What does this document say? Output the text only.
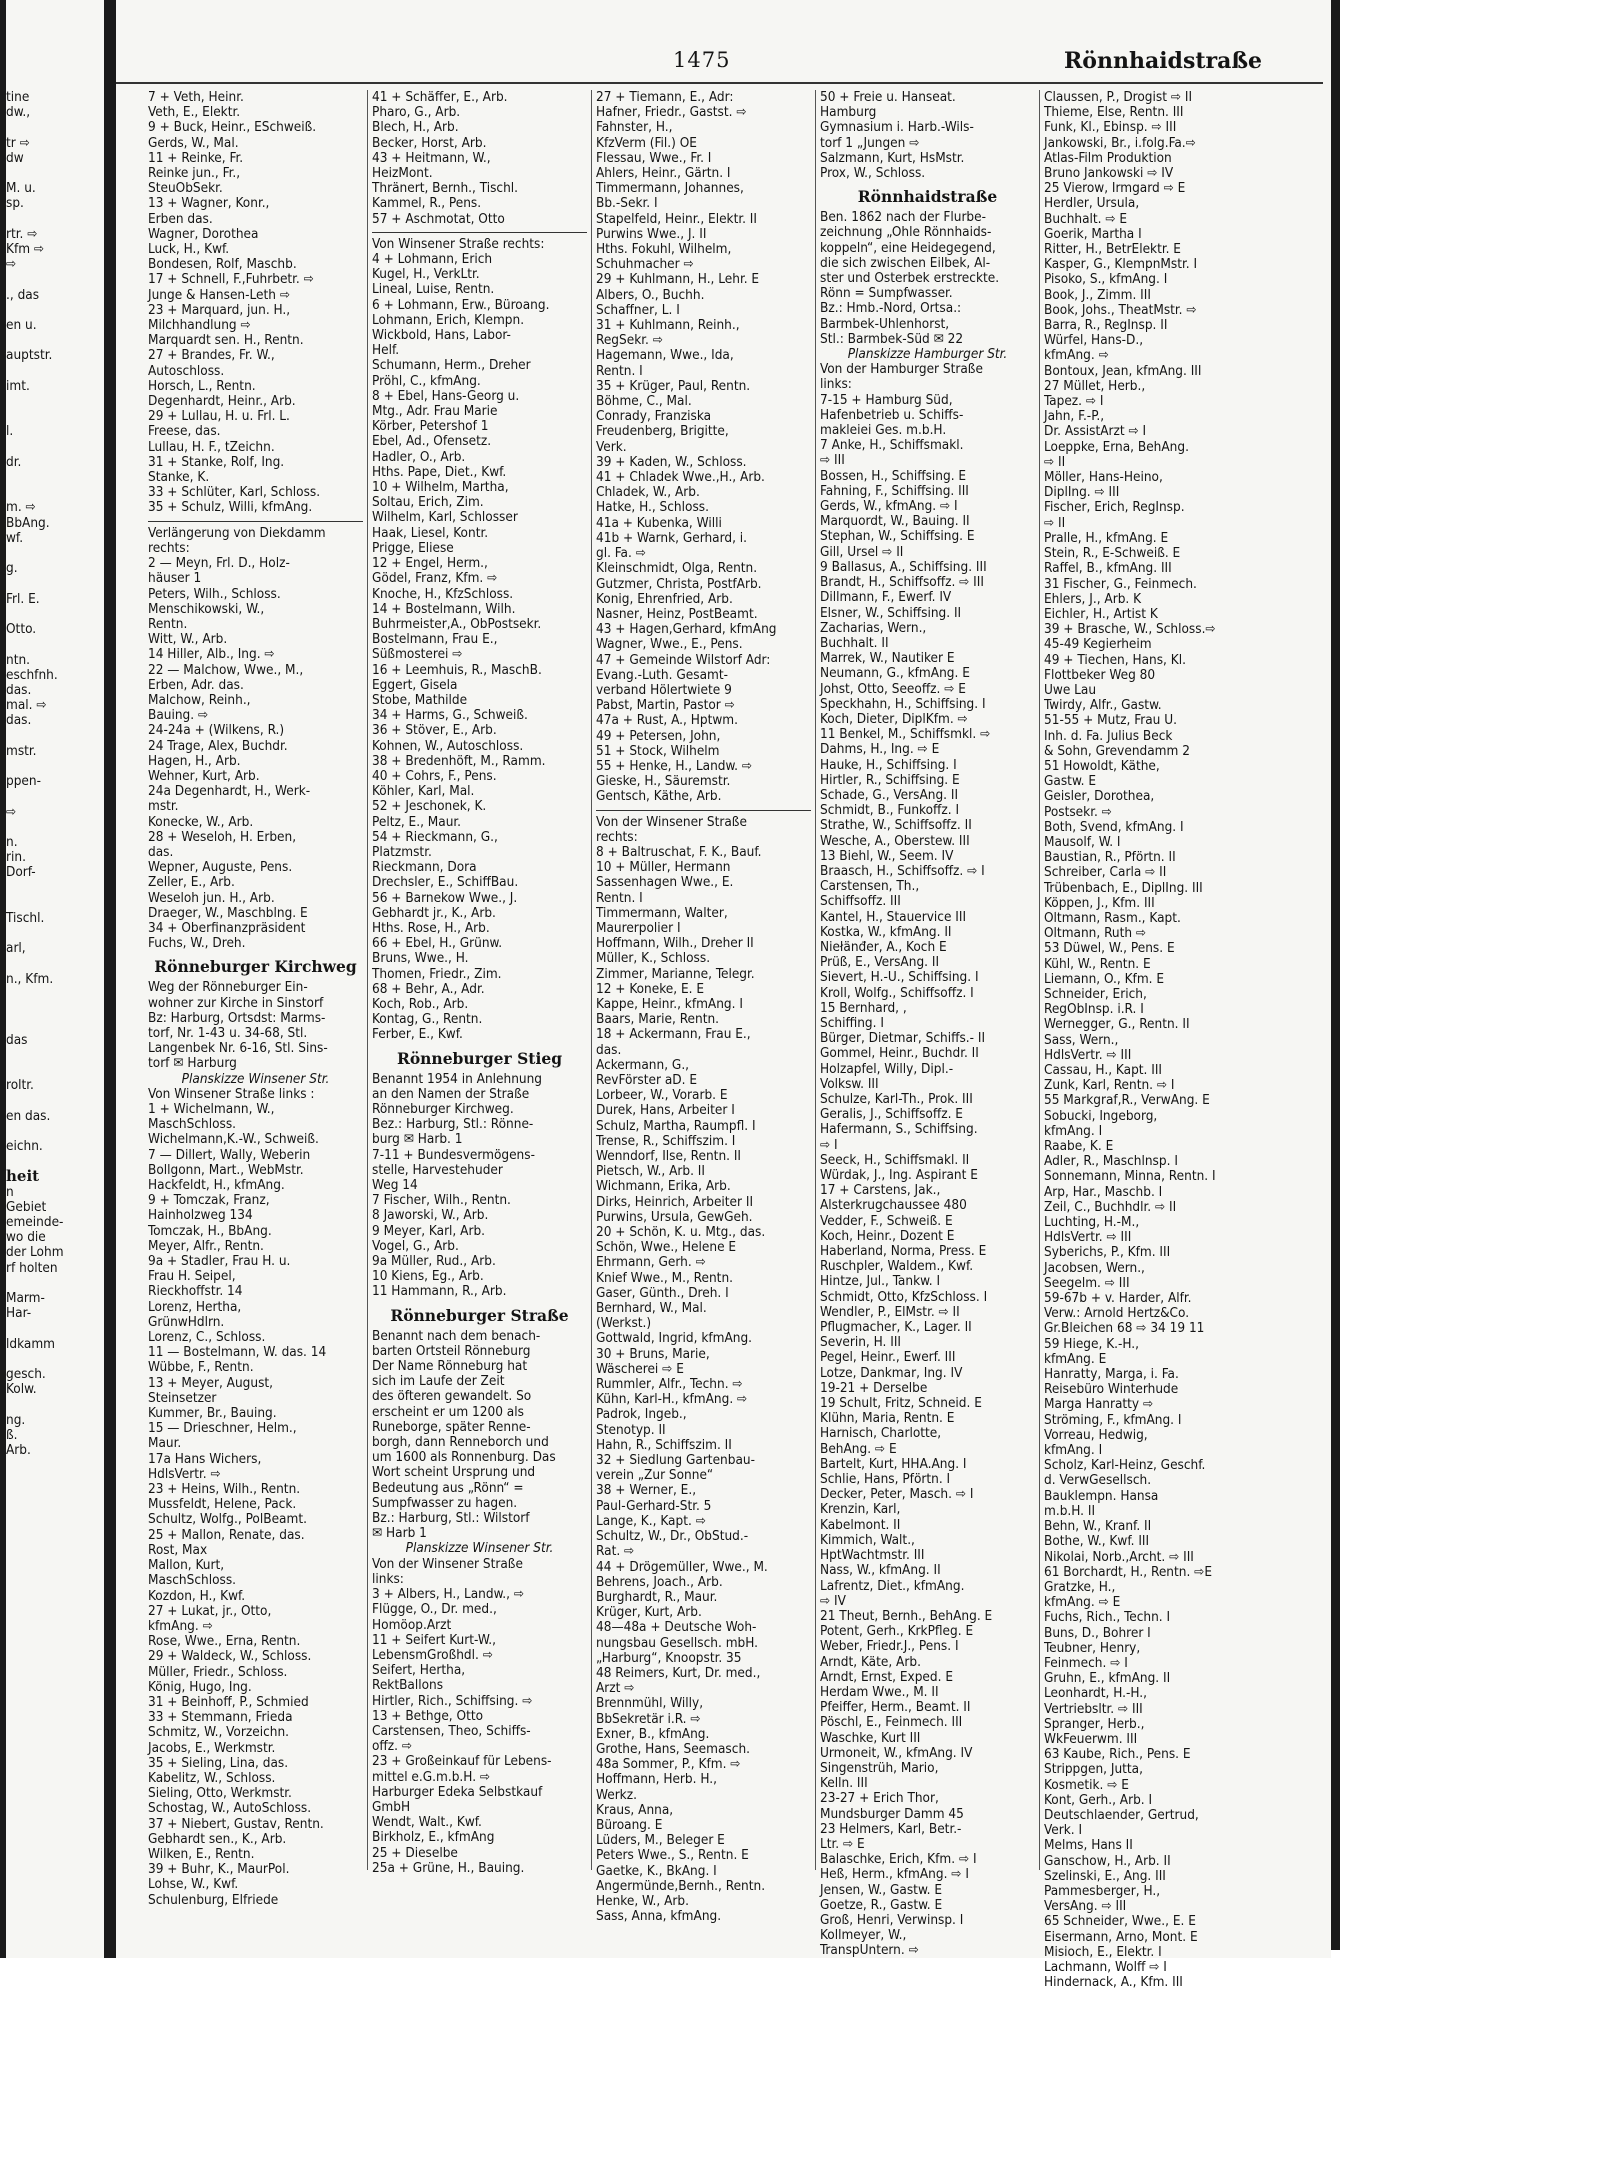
tine
dw.,

tr ⇨
dw

M. u.
sp.

rtr. ⇨
Kfm ⇨
⇨

., das

en u.

auptstr.

imt.

l.

dr.

m. ⇨
BbAng.
wf.

g.

Frl. E.

Otto.

ntn.
eschfnh.
das.
mal. ⇨
das.

mstr.

ppen-

⇨

n.
rin.
Dorf-

Tischl.

arl,

n., Kfm.

das

roltr.

en das.

eichn.

heit
n
Gebiet
emeinde-
wo die
der Lohm
rf holten

Marm-
Har-

ldkamm

gesch.
Kolw.

ng.
ß.
Arb.
1475	Rönnhaidstraße
7 + Veth, Heinr.
Veth, E., Elektr.
9 + Buck, Heinr., ESchweiß.
Gerds, W., Mal.
11 + Reinke, Fr.
Reinke jun., Fr.,
SteuObSekr.
13 + Wagner, Konr.,
Erben das.
Wagner, Dorothea
Luck, H., Kwf.
Bondesen, Rolf, Maschb.
17 + Schnell, F.,Fuhrbetr. ⇨
Junge & Hansen-Leth ⇨
23 + Marquard, jun. H.,
Milchhandlung ⇨
Marquardt sen. H., Rentn.
27 + Brandes, Fr. W.,
Autoschloss.
Horsch, L., Rentn.
Degenhardt, Heinr., Arb.
29 + Lullau, H. u. Frl. L.
Freese, das.
Lullau, H. F., tZeichn.
31 + Stanke, Rolf, Ing.
Stanke, K.
33 + Schlüter, Karl, Schloss.
35 + Schulz, Willi, kfmAng.
Verlängerung von Diekdamm
rechts:
2 — Meyn, Frl. D., Holz-
häuser 1
Peters, Wilh., Schloss.
Menschikowski, W.,
Rentn.
Witt, W., Arb.
14 Hiller, Alb., Ing. ⇨
22 — Malchow, Wwe., M.,
Erben, Adr. das.
Malchow, Reinh.,
Bauing. ⇨
24-24a + (Wilkens, R.)
24 Trage, Alex, Buchdr.
Hagen, H., Arb.
Wehner, Kurt, Arb.
24a Degenhardt, H., Werk-
mstr.
Konecke, W., Arb.
28 + Weseloh, H. Erben,
das.
Wepner, Auguste, Pens.
Zeller, E., Arb.
Weseloh jun. H., Arb.
Draeger, W., Maschblng. E
34 + Oberfinanzpräsident
Fuchs, W., Dreh.
Rönneburger Kirchweg
Weg der Rönneburger Ein-
wohner zur Kirche in Sinstorf
Bz: Harburg, Ortsdst: Marms-
torf, Nr. 1-43 u. 34-68, Stl.
Langenbek Nr. 6-16, Stl. Sins-
torf ✉ Harburg
Planskizze Winsener Str.
Von Winsener Straße links :
1 + Wichelmann, W.,
MaschSchloss.
Wichelmann,K.-W., Schweiß.
7 — Dillert, Wally, Weberin
Bollgonn, Mart., WebMstr.
Hackfeldt, H., kfmAng.
9 + Tomczak, Franz,
Hainholzweg 134
Tomczak, H., BbAng.
Meyer, Alfr., Rentn.
9a + Stadler, Frau H. u.
Frau H. Seipel,
Rieckhoffstr. 14
Lorenz, Hertha,
GrünwHdlrn.
Lorenz, C., Schloss.
11 — Bostelmann, W. das. 14
Wübbe, F., Rentn.
13 + Meyer, August,
Steinsetzer
Kummer, Br., Bauing.
15 — Drieschner, Helm.,
Maur.
17a Hans Wichers,
HdlsVertr. ⇨
23 + Heins, Wilh., Rentn.
Mussfeldt, Helene, Pack.
Schultz, Wolfg., PolBeamt.
25 + Mallon, Renate, das.
Rost, Max
Mallon, Kurt,
MaschSchloss.
Kozdon, H., Kwf.
27 + Lukat, jr., Otto,
kfmAng. ⇨
Rose, Wwe., Erna, Rentn.
29 + Waldeck, W., Schloss.
Müller, Friedr., Schloss.
König, Hugo, Ing.
31 + Beinhoff, P., Schmied
33 + Stemmann, Frieda
Schmitz, W., Vorzeichn.
Jacobs, E., Werkmstr.
35 + Sieling, Lina, das.
Kabelitz, W., Schloss.
Sieling, Otto, Werkmstr.
Schostag, W., AutoSchloss.
37 + Niebert, Gustav, Rentn.
Gebhardt sen., K., Arb.
Wilken, E., Rentn.
39 + Buhr, K., MaurPol.
Lohse, W., Kwf.
Schulenburg, Elfriede
41 + Schäffer, E., Arb.
Pharo, G., Arb.
Blech, H., Arb.
Becker, Horst, Arb.
43 + Heitmann, W.,
HeizMont.
Thränert, Bernh., Tischl.
Kammel, R., Pens.
57 + Aschmotat, Otto
Von Winsener Straße rechts:
4 + Lohmann, Erich
Kugel, H., VerkLtr.
Lineal, Luise, Rentn.
6 + Lohmann, Erw., Büroang.
Lohmann, Erich, Klempn.
Wickbold, Hans, Labor-
Helf.
Schumann, Herm., Dreher
Pröhl, C., kfmAng.
8 + Ebel, Hans-Georg u.
Mtg., Adr. Frau Marie
Körber, Petershof 1
Ebel, Ad., Ofensetz.
Hadler, O., Arb.
Hths. Pape, Diet., Kwf.
10 + Wilhelm, Martha,
Soltau, Erich, Zim.
Wilhelm, Karl, Schlosser
Haak, Liesel, Kontr.
Prigge, Eliese
12 + Engel, Herm.,
Gödel, Franz, Kfm. ⇨
Knoche, H., KfzSchloss.
14 + Bostelmann, Wilh.
Buhrmeister,A., ObPostsekr.
Bostelmann, Frau E.,
Süßmosterei ⇨
16 + Leemhuis, R., MaschB.
Eggert, Gisela
Stobe, Mathilde
34 + Harms, G., Schweiß.
36 + Stöver, E., Arb.
Kohnen, W., Autoschloss.
38 + Bredenhöft, M., Ramm.
40 + Cohrs, F., Pens.
Köhler, Karl, Mal.
52 + Jeschonek, K.
Peltz, E., Maur.
54 + Rieckmann, G.,
Platzmstr.
Rieckmann, Dora
Drechsler, E., SchiffBau.
56 + Barnekow Wwe., J.
Gebhardt jr., K., Arb.
Hths. Rose, H., Arb.
66 + Ebel, H., Grünw.
Bruns, Wwe., H.
Thomen, Friedr., Zim.
68 + Behr, A., Adr.
Koch, Rob., Arb.
Kontag, G., Rentn.
Ferber, E., Kwf.
Rönneburger Stieg
Benannt 1954 in Anlehnung
an den Namen der Straße
Rönneburger Kirchweg.
Bez.: Harburg, Stl.: Rönne-
burg ✉ Harb. 1
7-11 + Bundesvermögens-
stelle, Harvestehuder
Weg 14
7 Fischer, Wilh., Rentn.
8 Jaworski, W., Arb.
9 Meyer, Karl, Arb.
Vogel, G., Arb.
9a Müller, Rud., Arb.
10 Kiens, Eg., Arb.
11 Hammann, R., Arb.
Rönneburger Straße
Benannt nach dem benach-
barten Ortsteil Rönneburg
Der Name Rönneburg hat
sich im Laufe der Zeit
des öfteren gewandelt. So
erscheint er um 1200 als
Runeborge, später Renne-
borgh, dann Renneborch und
um 1600 als Ronnenburg. Das
Wort scheint Ursprung und
Bedeutung aus „Rönn“ =
Sumpfwasser zu hagen.
Bz.: Harburg, Stl.: Wilstorf
✉ Harb 1
Planskizze Winsener Str.
Von der Winsener Straße
links:
3 + Albers, H., Landw., ⇨
Flügge, O., Dr. med.,
Homöop.Arzt
11 + Seifert Kurt-W.,
LebensmGroßhdl. ⇨
Seifert, Hertha,
RektBallons
Hirtler, Rich., Schiffsing. ⇨
13 + Bethge, Otto
Carstensen, Theo, Schiffs-
offz. ⇨
23 + Großeinkauf für Lebens-
mittel e.G.m.b.H. ⇨
Harburger Edeka Selbstkauf
GmbH
Wendt, Walt., Kwf.
Birkholz, E., kfmAng
25 + Dieselbe
25a + Grüne, H., Bauing.
27 + Tiemann, E., Adr:
Hafner, Friedr., Gastst. ⇨
Fahnster, H.,
KfzVerm (Fil.) OE
Flessau, Wwe., Fr. I
Ahlers, Heinr., Gärtn. I
Timmermann, Johannes,
Bb.-Sekr. I
Stapelfeld, Heinr., Elektr. II
Purwins Wwe., J. II
Hths. Fokuhl, Wilhelm,
Schuhmacher ⇨
29 + Kuhlmann, H., Lehr. E
Albers, O., Buchh.
Schaffner, L. I
31 + Kuhlmann, Reinh.,
RegSekr. ⇨
Hagemann, Wwe., Ida,
Rentn. I
35 + Krüger, Paul, Rentn.
Böhme, C., Mal.
Conrady, Franziska
Freudenberg, Brigitte,
Verk.
39 + Kaden, W., Schloss.
41 + Chladek Wwe.,H., Arb.
Chladek, W., Arb.
Hatke, H., Schloss.
41a + Kubenka, Willi
41b + Warnk, Gerhard, i.
gl. Fa. ⇨
Kleinschmidt, Olga, Rentn.
Gutzmer, Christa, PostfArb.
Konig, Ehrenfried, Arb.
Nasner, Heinz, PostBeamt.
43 + Hagen,Gerhard, kfmAng
Wagner, Wwe., E., Pens.
47 + Gemeinde Wilstorf Adr:
Evang.-Luth. Gesamt-
verband Hölertwiete 9
Pabst, Martin, Pastor ⇨
47a + Rust, A., Hptwm.
49 + Petersen, John,
51 + Stock, Wilhelm
55 + Henke, H., Landw. ⇨
Gieske, H., Säuremstr.
Gentsch, Käthe, Arb.
Von der Winsener Straße
rechts:
8 + Baltruschat, F. K., Bauf.
10 + Müller, Hermann
Sassenhagen Wwe., E.
Rentn. I
Timmermann, Walter,
Maurerpolier I
Hoffmann, Wilh., Dreher II
Müller, K., Schloss.
Zimmer, Marianne, Telegr.
12 + Koneke, E. E
Kappe, Heinr., kfmAng. I
Baars, Marie, Rentn.
18 + Ackermann, Frau E.,
das.
Ackermann, G.,
RevFörster aD. E
Lorbeer, W., Vorarb. E
Durek, Hans, Arbeiter I
Schulz, Martha, Raumpfl. I
Trense, R., Schiffszim. I
Wenndorf, Ilse, Rentn. II
Pietsch, W., Arb. II
Wichmann, Erika, Arb.
Dirks, Heinrich, Arbeiter II
Purwins, Ursula, GewGeh.
20 + Schön, K. u. Mtg., das.
Schön, Wwe., Helene E
Ehrmann, Gerh. ⇨
Knief Wwe., M., Rentn.
Gaser, Günth., Dreh. I
Bernhard, W., Mal.
(Werkst.)
Gottwald, Ingrid, kfmAng.
30 + Bruns, Marie,
Wäscherei ⇨ E
Rummler, Alfr., Techn. ⇨
Kühn, Karl-H., kfmAng. ⇨
Padrok, Ingeb.,
Stenotyp. II
Hahn, R., Schiffszim. II
32 + Siedlung Gartenbau-
verein „Zur Sonne“
38 + Werner, E.,
Paul-Gerhard-Str. 5
Lange, K., Kapt. ⇨
Schultz, W., Dr., ObStud.-
Rat. ⇨
44 + Drögemüller, Wwe., M.
Behrens, Joach., Arb.
Burghardt, R., Maur.
Krüger, Kurt, Arb.
48—48a + Deutsche Woh-
nungsbau Gesellsch. mbH.
„Harburg“, Knoopstr. 35
48 Reimers, Kurt, Dr. med.,
Arzt ⇨
Brennmühl, Willy,
BbSekretär i.R. ⇨
Exner, B., kfmAng.
Grothe, Hans, Seemasch.
48a Sommer, P., Kfm. ⇨
Hoffmann, Herb. H.,
Werkz.
Kraus, Anna,
Büroang. E
Lüders, M., Beleger E
Peters Wwe., S., Rentn. E
Gaetke, K., BkAng. I
Angermünde,Bernh., Rentn.
Henke, W., Arb.
Sass, Anna, kfmAng.
50 + Freie u. Hanseat.
Hamburg
Gymnasium i. Harb.-Wils-
torf 1 „Jungen ⇨
Salzmann, Kurt, HsMstr.
Prox, W., Schloss.
Rönnhaidstraße
Ben. 1862 nach der Flurbe-
zeichnung „Ohle Rönnhaids-
koppeln“, eine Heidegegend,
die sich zwischen Eilbek, Al-
ster und Osterbek erstreckte.
Rönn = Sumpfwasser.
Bz.: Hmb.-Nord, Ortsa.:
Barmbek-Uhlenhorst,
Stl.: Barmbek-Süd ✉ 22
Planskizze Hamburger Str.
Von der Hamburger Straße
links:
7-15 + Hamburg Süd,
Hafenbetrieb u. Schiffs-
makleiei Ges. m.b.H.
7 Anke, H., Schiffsmakl.
⇨ III
Bossen, H., Schiffsing. E
Fahning, F., Schiffsing. III
Gerds, W., kfmAng. ⇨ I
Marquordt, W., Bauing. II
Stephan, W., Schiffsing. E
Gill, Ursel ⇨ II
9 Ballasus, A., Schiffsing. III
Brandt, H., Schiffsoffz. ⇨ III
Dillmann, F., Ewerf. IV
Elsner, W., Schiffsing. II
Zacharias, Wern.,
Buchhalt. II
Marrek, W., Nautiker E
Neumann, G., kfmAng. E
Johst, Otto, Seeoffz. ⇨ E
Speckhahn, H., Schiffsing. I
Koch, Dieter, DiplKfm. ⇨
11 Benkel, M., Schiffsmkl. ⇨
Dahms, H., Ing. ⇨ E
Hauke, H., Schiffsing. I
Hirtler, R., Schiffsing. E
Schade, G., VersAng. II
Schmidt, B., Funkoffz. I
Strathe, W., Schiffsoffz. II
Wesche, A., Oberstew. III
13 Biehl, W., Seem. IV
Braasch, H., Schiffsoffz. ⇨ I
Carstensen, Th.,
Schiffsoffz. III
Kantel, H., Stauervice III
Kostka, W., kfmAng. II
Niełänđer, A., Koch E
Prüß, E., VersAng. II
Sievert, H.-U., Schiffsing. I
Kroll, Wolfg., Schiffsoffz. I
15 Bernhard, ,
Schiffing. I
Bürger, Dietmar, Schiffs.- II
Gommel, Heinr., Buchdr. II
Holzapfel, Willy, Dipl.-
Volksw. III
Schulze, Karl-Th., Prok. III
Geralis, J., Schiffsoffz. E
Hafermann, S., Schiffsing.
⇨ I
Seeck, H., Schiffsmakl. II
Würdak, J., Ing. Aspirant E
17 + Carstens, Jak.,
Alsterkrugchaussee 480
Vedder, F., Schweiß. E
Koch, Heinr., Dozent E
Haberland, Norma, Press. E
Ruschpler, Waldem., Kwf.
Hintze, Jul., Tankw. I
Schmidt, Otto, KfzSchloss. I
Wendler, P., ElMstr. ⇨ II
Pflugmacher, K., Lager. II
Severin, H. III
Pegel, Heinr., Ewerf. III
Lotze, Dankmar, Ing. IV
19-21 + Derselbe
19 Schult, Fritz, Schneid. E
Klühn, Maria, Rentn. E
Harnisch, Charlotte,
BehAng. ⇨ E
Bartelt, Kurt, HHA.Ang. I
Schlie, Hans, Pförtn. I
Decker, Peter, Masch. ⇨ I
Krenzin, Karl,
Kabelmont. II
Kimmich, Walt.,
HptWachtmstr. III
Nass, W., kfmAng. II
Lafrentz, Diet., kfmAng.
⇨ IV
21 Theut, Bernh., BehAng. E
Potent, Gerh., KrkPfleg. E
Weber, Friedr.J., Pens. I
Arndt, Käte, Arb.
Arndt, Ernst, Exped. E
Herdam Wwe., M. II
Pfeiffer, Herm., Beamt. II
Pöschl, E., Feinmech. III
Waschke, Kurt III
Urmoneit, W., kfmAng. IV
Singenstrüh, Mario,
Kelln. III
23-27 + Erich Thor,
Mundsburger Damm 45
23 Helmers, Karl, Betr.-
Ltr. ⇨ E
Balaschke, Erich, Kfm. ⇨ I
Heß, Herm., kfmAng. ⇨ I
Jensen, W., Gastw. E
Goetze, R., Gastw. E
Groß, Henri, Verwinsp. I
Kollmeyer, W.,
TranspUntern. ⇨
Claussen, P., Drogist ⇨ II
Thieme, Else, Rentn. III
Funk, Kl., Ebinsp. ⇨ III
Jankowski, Br., i.folg.Fa.⇨
Atlas-Film Produktion
Bruno Jankowski ⇨ IV
25 Vierow, Irmgard ⇨ E
Herdler, Ursula,
Buchhalt. ⇨ E
Goerik, Martha I
Ritter, H., BetrElektr. E
Kasper, G., KlempnMstr. I
Pisoko, S., kfmAng. I
Book, J., Zimm. III
Book, Johs., TheatMstr. ⇨
Barra, R., RegInsp. II
Würfel, Hans-D.,
kfmAng. ⇨
Bontoux, Jean, kfmAng. III
27 Müllet, Herb.,
Tapez. ⇨ I
Jahn, F.-P.,
Dr. AssistArzt ⇨ I
Loeppke, Erna, BehAng.
⇨ II
Möller, Hans-Heino,
DiplIng. ⇨ III
Fischer, Erich, RegInsp.
⇨ II
Pralle, H., kfmAng. E
Stein, R., E-Schweiß. E
Raffel, B., kfmAng. III
31 Fischer, G., Feinmech.
Ehlers, J., Arb. K
Eichler, H., Artist K
39 + Brasche, W., Schloss.⇨
45-49 Kegierheim
49 + Tiechen, Hans, Kl.
Flottbeker Weg 80
Uwe Lau
Twirdy, Alfr., Gastw.
51-55 + Mutz, Frau U.
Inh. d. Fa. Julius Beck
& Sohn, Grevendamm 2
51 Howoldt, Käthe,
Gastw. E
Geisler, Dorothea,
Postsekr. ⇨
Both, Svend, kfmAng. I
Mausolf, W. I
Baustian, R., Pförtn. II
Schreiber, Carla ⇨ II
Trübenbach, E., DiplIng. III
Köppen, J., Kfm. III
Oltmann, Rasm., Kapt.
Oltmann, Ruth ⇨
53 Düwel, W., Pens. E
Kühl, W., Rentn. E
Liemann, O., Kfm. E
Schneider, Erich,
RegObInsp. i.R. I
Wernegger, G., Rentn. II
Sass, Wern.,
HdlsVertr. ⇨ III
Cassau, H., Kapt. III
Zunk, Karl, Rentn. ⇨ I
55 Markgraf,R., VerwAng. E
Sobucki, Ingeborg,
kfmAng. I
Raabe, K. E
Adler, R., Maschlnsp. I
Sonnemann, Minna, Rentn. I
Arp, Har., Maschb. I
Zeil, C., Buchhdlr. ⇨ II
Luchting, H.-M.,
HdlsVertr. ⇨ III
Syberichs, P., Kfm. III
Jacobsen, Wern.,
Seegelm. ⇨ III
59-67b + v. Harder, Alfr.
Verw.: Arnold Hertz&Co.
Gr.Bleichen 68 ⇨ 34 19 11
59 Hiege, K.-H.,
kfmAng. E
Hanratty, Marga, i. Fa.
Reisebüro Winterhude
Marga Hanratty ⇨
Ströming, F., kfmAng. I
Vorreau, Hedwig,
kfmAng. I
Scholz, Karl-Heinz, Geschf.
d. VerwGesellsch.
Bauklempn. Hansa
m.b.H. II
Behn, W., Kranf. II
Bothe, W., Kwf. III
Nikolai, Norb.,Archt. ⇨ III
61 Borchardt, H., Rentn. ⇨E
Gratzke, H.,
kfmAng. ⇨ E
Fuchs, Rich., Techn. I
Buns, D., Bohrer I
Teubner, Henry,
Feinmech. ⇨ I
Gruhn, E., kfmAng. II
Leonhardt, H.-H.,
Vertriebsltr. ⇨ III
Spranger, Herb.,
WkFeuerwm. III
63 Kaube, Rich., Pens. E
Strippgen, Jutta,
Kosmetik. ⇨ E
Kont, Gerh., Arb. I
Deutschlaender, Gertrud,
Verk. I
Melms, Hans II
Ganschow, H., Arb. II
Szelinski, E., Ang. III
Pammesberger, H.,
VersAng. ⇨ III
65 Schneider, Wwe., E. E
Eisermann, Arno, Mont. E
Misioch, E., Elektr. I
Lachmann, Wolff ⇨ I
Hindernack, A., Kfm. III
